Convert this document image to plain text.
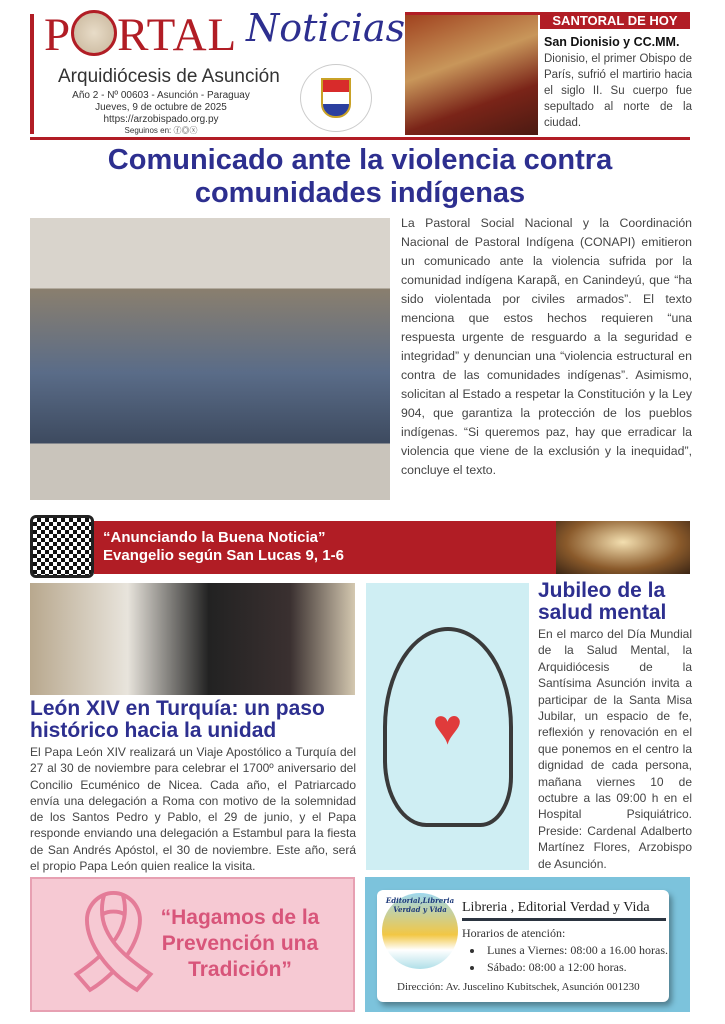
P RTAL Noticias
Arquidiócesis de Asunción
Año 2 - Nº 00603 - Asunción - Paraguay
Jueves, 9 de octubre de 2025
https://arzobispado.org.py
Seguinos en: ⓕ◎ⓧ
SANTORAL DE HOY
San Dionisio y CC.MM.
Dionisio, el primer Obispo de París, sufrió el martirio hacia el siglo II. Su cuerpo fue sepultado al norte de la ciudad.
Comunicado ante la violencia contra comunidades indígenas
La Pastoral Social Nacional y la Coordinación Nacional de Pastoral Indígena (CONAPI) emitieron un comunicado ante la violencia sufrida por la comunidad indígena Karapã, en Canindeyú, que “ha sido violentada por civiles armados”. El texto menciona que estos hechos requieren “una respuesta urgente de resguardo a la seguridad e integridad” y denuncian una “violencia estructural en contra de las comunidades indígenas”. Asimismo, solicitan al Estado a respetar la Constitución y la Ley 904, que garantiza la protección de los pueblos indígenas. “Si queremos paz, hay que erradicar la violencia que viene de la exclusión y la inequidad”, concluye el texto.
“Anunciando la Buena Noticia”
Evangelio según San Lucas 9, 1-6
León XIV en Turquía: un paso histórico hacia la unidad
El Papa León XIV realizará un Viaje Apostólico a Turquía del 27 al 30 de noviembre para celebrar el 1700º aniversario del Concilio Ecuménico de Nicea. Cada año, el Patriarcado envía una delegación a Roma con motivo de la solemnidad de los Santos Pedro y Pablo, el 29 de junio, y el Papa responde enviando una delegación a Estambul para la fiesta de San Andrés Apóstol, el 30 de noviembre. Este año, será el propio Papa León quien realice la visita.
♥
Jubileo de la salud mental
En el marco del Día Mundial de la Salud Mental, la Arquidiócesis de la Santísima Asunción invita a participar de la Santa Misa Jubilar, un espacio de fe, reflexión y renovación en el que ponemos en el centro la dignidad de cada persona, mañana viernes 10 de octubre a las 09:00 h en el Hospital Psiquiátrico. Preside: Cardenal Adalberto Martínez Flores, Arzobispo de Asunción.
🎗
“Hagamos de la Prevención una Tradición”
Editorial,Libreria Verdad y Vida	Libreria , Editorial Verdad y Vida
Horarios de atención:
• Lunes a Viernes: 08:00 a 16.00 horas.
• Sábado: 08:00 a 12:00 horas.
Dirección: Av. Juscelino Kubitschek, Asunción 001230
